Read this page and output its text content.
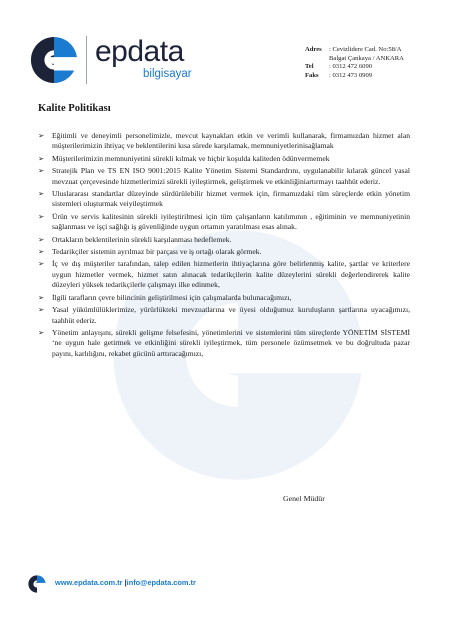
epdata
bilgisayar
Adres	: Cevizlidere Cad. No:58/A
Balgat Çankaya / ANKARA
Tel	: 0312 472 6090
Faks	: 0312 473 0909
Kalite Politikası
➢	Eğitimli ve deneyimli personelimizle, mevcut kaynakları etkin ve verimli kullanarak, firmamızdan hizmet alan müşterilerimizin ihtiyaç ve beklentilerini kısa sürede karşılamak, memnuniyetlerinisağlamak
➢	Müşterilerimizin memnuniyetini sürekli kılmak ve hiçbir koşulda kaliteden ödünvermemek
➢	Stratejik Plan ve TS EN ISO 9001:2015 Kalite Yönetim Sistemi Standardrını, uygulanabilir kılarak güncel yasal mevzuat çerçevesinde hizmetlerimizi sürekli iyileştirmek, geliştirmek ve etkinliğiniartırmayı taahhüt ederiz.
➢	Uluslararası standartlar düzeyinde sürdürülebilir hizmet vermek için, firmamızdaki tüm süreçlerde etkin yönetim sistemleri oluşturmak veiyileştirmek
➢	Ürün ve servis kalitesinin sürekli iyileştirilmesi için tüm çalışanların katılımının , eğitiminin ve memnuniyetinin sağlanması ve işçi sağlığı iş güvenliğinde uygun ortamın yaratılması esas alınak.
➢	Ortakların beklentilerinin sürekli karşılanması hedeflemek.
➢	Tedarikçiler sistemin ayrılmaz bir parçası ve iş ortağı olarak görmek.
➢	İç ve dış müşteriler tarafından, talep edilen hizmetlerin ihtiyaçlarına göre belirlenmiş kalite, şartlar ve kriterlere uygun hizmetler vermek, hizmet satın alınacak tedarikçilerin kalite düzeylerini sürekli değerlendirerek kalite düzeyleri yüksek tedarikçilerle çalışmayı ilke edinmek,
➢	İlgili tarafların çevre bilincinin geliştirilmesi için çalışmalarda bulunacağımızı,
➢	Yasal yükümlülüklerimize, yürürlükteki mevzuatlarına ve üyesi olduğumuz kuruluşların şartlarına uyacağımızı, taahhüt ederiz.
➢	Yönetim anlayışını, sürekli gelişme felsefesini, yönetimlerini ve sistemlerini tüm süreçlerde YÖNETİM SİSTEMİ ‘ne uygun hale getirmek ve etkinliğini sürekli iyileştirmek, tüm personele özümsetmek ve bu doğrultuda pazar payını, karlılığını, rekabet gücünü arttıracağımızı,
Genel Müdür
www.epdata.com.tr |info@epdata.com.tr
